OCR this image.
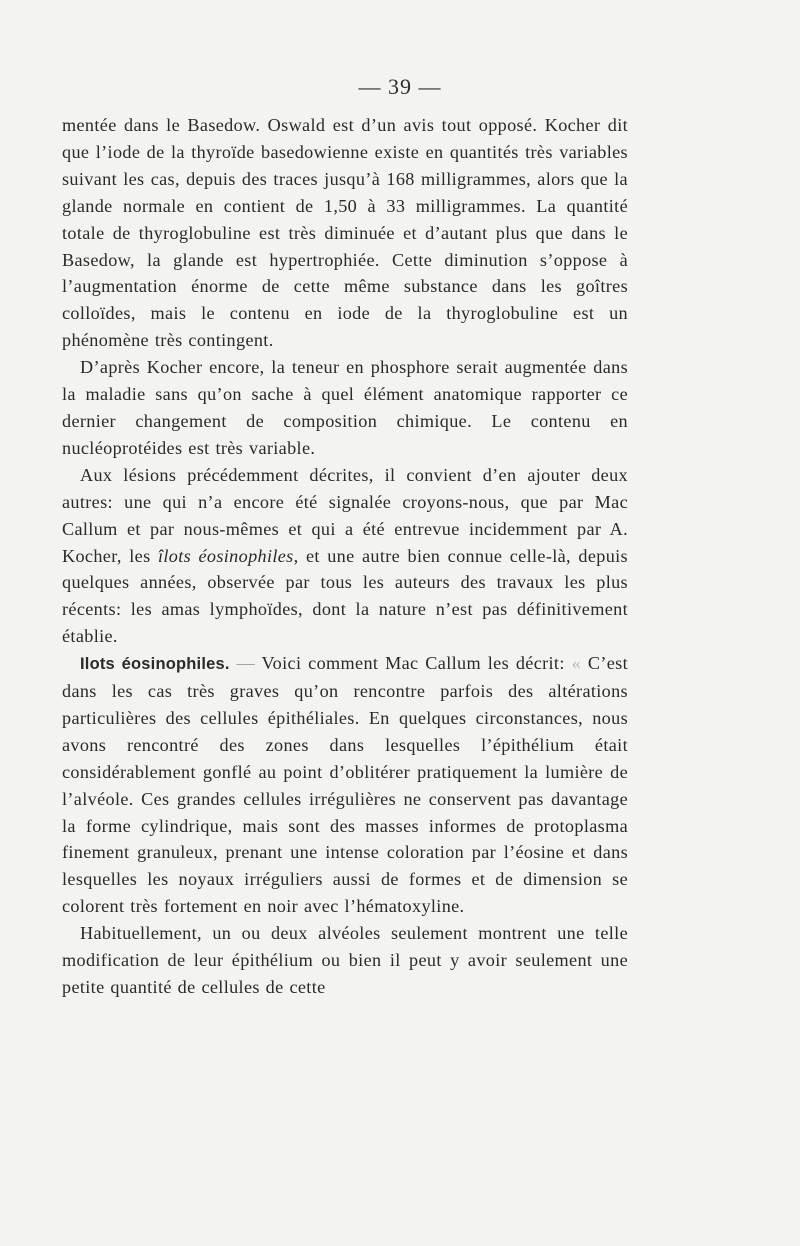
— 39 —

mentée dans le Basedow. Oswald est d’un avis tout opposé. Kocher dit que l’iode de la thyroïde basedowienne existe en quantités très variables suivant les cas, depuis des traces jusqu’à 168 milligrammes, alors que la glande normale en contient de 1,50 à 33 milligrammes. La quantité totale de thyroglobuline est très diminuée et d’autant plus que dans le Basedow, la glande est hypertrophiée. Cette diminution s’oppose à l’augmentation énorme de cette même substance dans les goîtres colloïdes, mais le contenu en iode de la thyroglobuline est un phénomène très contingent.

D’après Kocher encore, la teneur en phosphore serait augmentée dans la maladie sans qu’on sache à quel élément anatomique rapporter ce dernier changement de composition chimique. Le contenu en nucléoprotéides est très variable.

Aux lésions précédemment décrites, il convient d’en ajouter deux autres: une qui n’a encore été signalée croyons-nous, que par Mac Callum et par nous-mêmes et qui a été entrevue incidemment par A. Kocher, les îlots éosinophiles, et une autre bien connue celle-là, depuis quelques années, observée par tous les auteurs des travaux les plus récents: les amas lymphoïdes, dont la nature n’est pas définitivement établie.

Ilots éosinophiles. — Voici comment Mac Callum les décrit: « C’est dans les cas très graves qu’on rencontre parfois des altérations particulières des cellules épithéliales. En quelques circonstances, nous avons rencontré des zones dans lesquelles l’épithélium était considérablement gonflé au point d’oblitérer pratiquement la lumière de l’alvéole. Ces grandes cellules irrégulières ne conservent pas davantage la forme cylindrique, mais sont des masses informes de protoplasma finement granuleux, prenant une intense coloration par l’éosine et dans lesquelles les noyaux irréguliers aussi de formes et de dimension se colorent très fortement en noir avec l’hématoxyline.

Habituellement, un ou deux alvéoles seulement montrent une telle modification de leur épithélium ou bien il peut y avoir seulement une petite quantité de cellules de cette
